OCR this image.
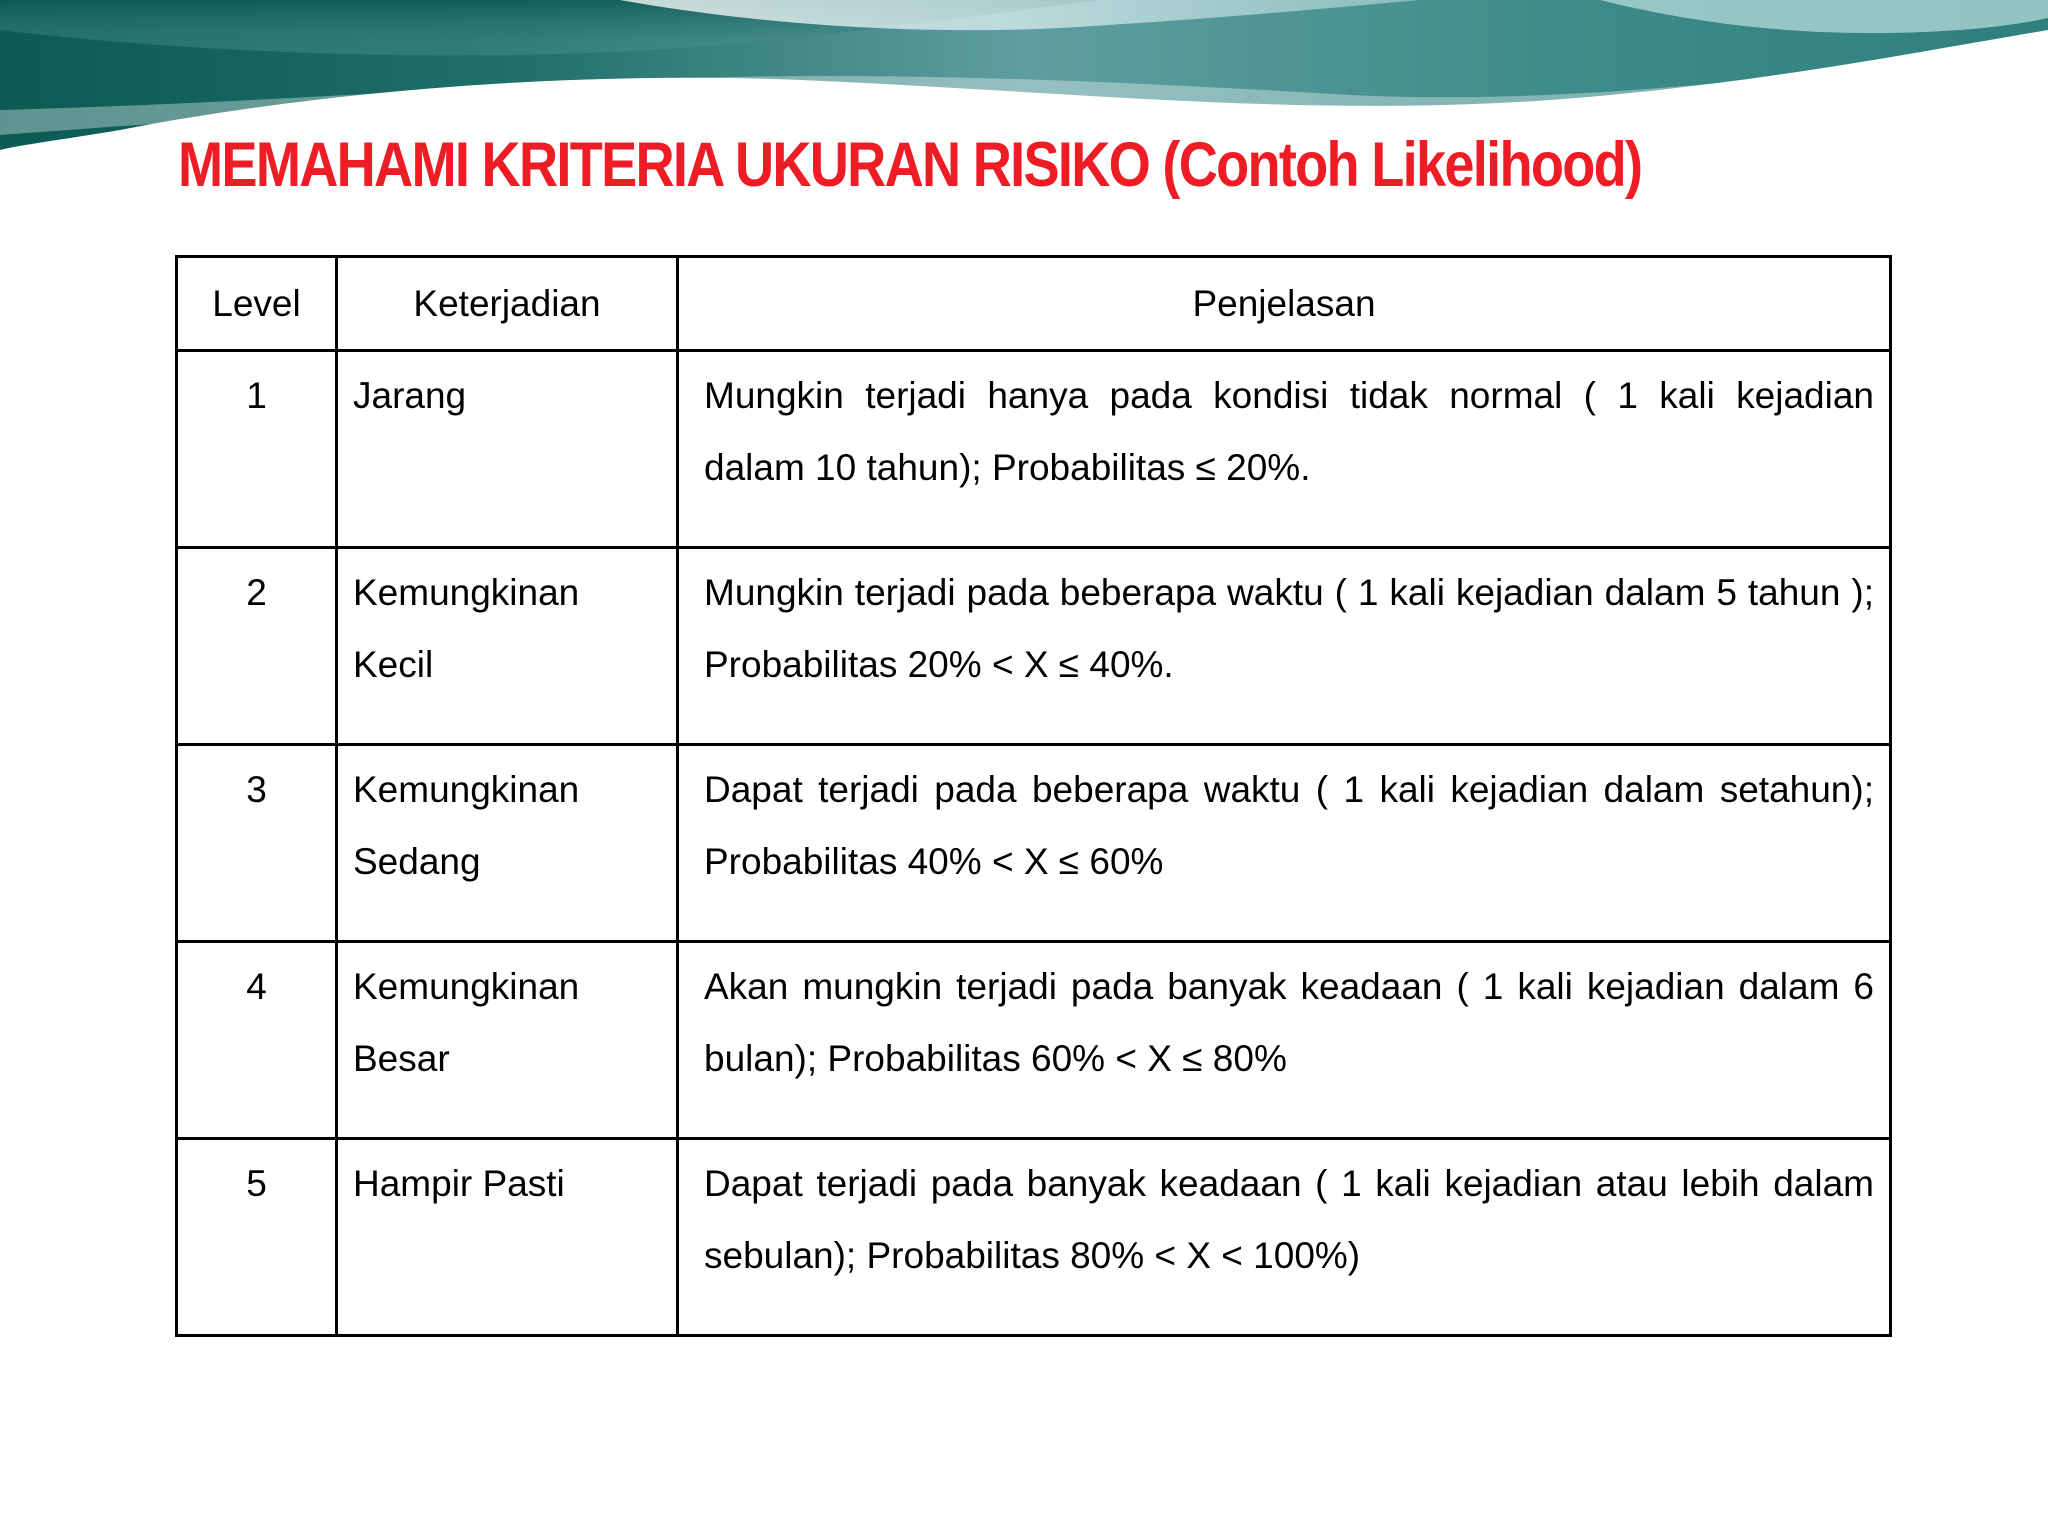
MEMAHAMI KRITERIA UKURAN RISIKO (Contoh Likelihood)
Level	Keterjadian	Penjelasan
1	Jarang	Mungkin terjadi hanya pada kondisi tidak normal ( 1 kali kejadian dalam 10 tahun); Probabilitas ≤ 20%.
2	Kemungkinan Kecil	Mungkin terjadi pada beberapa waktu ( 1 kali kejadian dalam 5 tahun ); Probabilitas 20% < X ≤ 40%.
3	Kemungkinan Sedang	Dapat terjadi pada beberapa waktu ( 1 kali kejadian dalam setahun); Probabilitas 40% < X ≤ 60%
4	Kemungkinan Besar	Akan mungkin terjadi pada banyak keadaan ( 1 kali kejadian dalam 6 bulan); Probabilitas 60% < X ≤ 80%
5	Hampir Pasti	Dapat terjadi pada banyak keadaan ( 1 kali kejadian atau lebih dalam sebulan); Probabilitas 80% < X < 100%)
